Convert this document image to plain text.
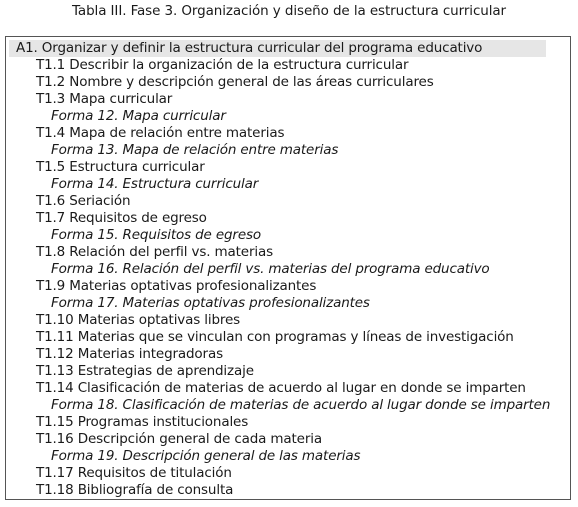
Tabla III. Fase 3. Organización y diseño de la estructura curricular
A1. Organizar y definir la estructura curricular del programa educativo
T1.1 Describir la organización de la estructura curricular
T1.2 Nombre y descripción general de las áreas curriculares
T1.3 Mapa curricular
Forma 12. Mapa curricular
T1.4 Mapa de relación entre materias
Forma 13. Mapa de relación entre materias
T1.5 Estructura curricular
Forma 14. Estructura curricular
T1.6 Seriación
T1.7 Requisitos de egreso
Forma 15. Requisitos de egreso
T1.8 Relación del perfil vs. materias
Forma 16. Relación del perfil vs. materias del programa educativo
T1.9 Materias optativas profesionalizantes
Forma 17. Materias optativas profesionalizantes
T1.10 Materias optativas libres
T1.11 Materias que se vinculan con programas y líneas de investigación
T1.12 Materias integradoras
T1.13 Estrategias de aprendizaje
T1.14 Clasificación de materias de acuerdo al lugar en donde se imparten
Forma 18. Clasificación de materias de acuerdo al lugar donde se imparten
T1.15 Programas institucionales
T1.16 Descripción general de cada materia
Forma 19. Descripción general de las materias
T1.17 Requisitos de titulación
T1.18 Bibliografía de consulta
